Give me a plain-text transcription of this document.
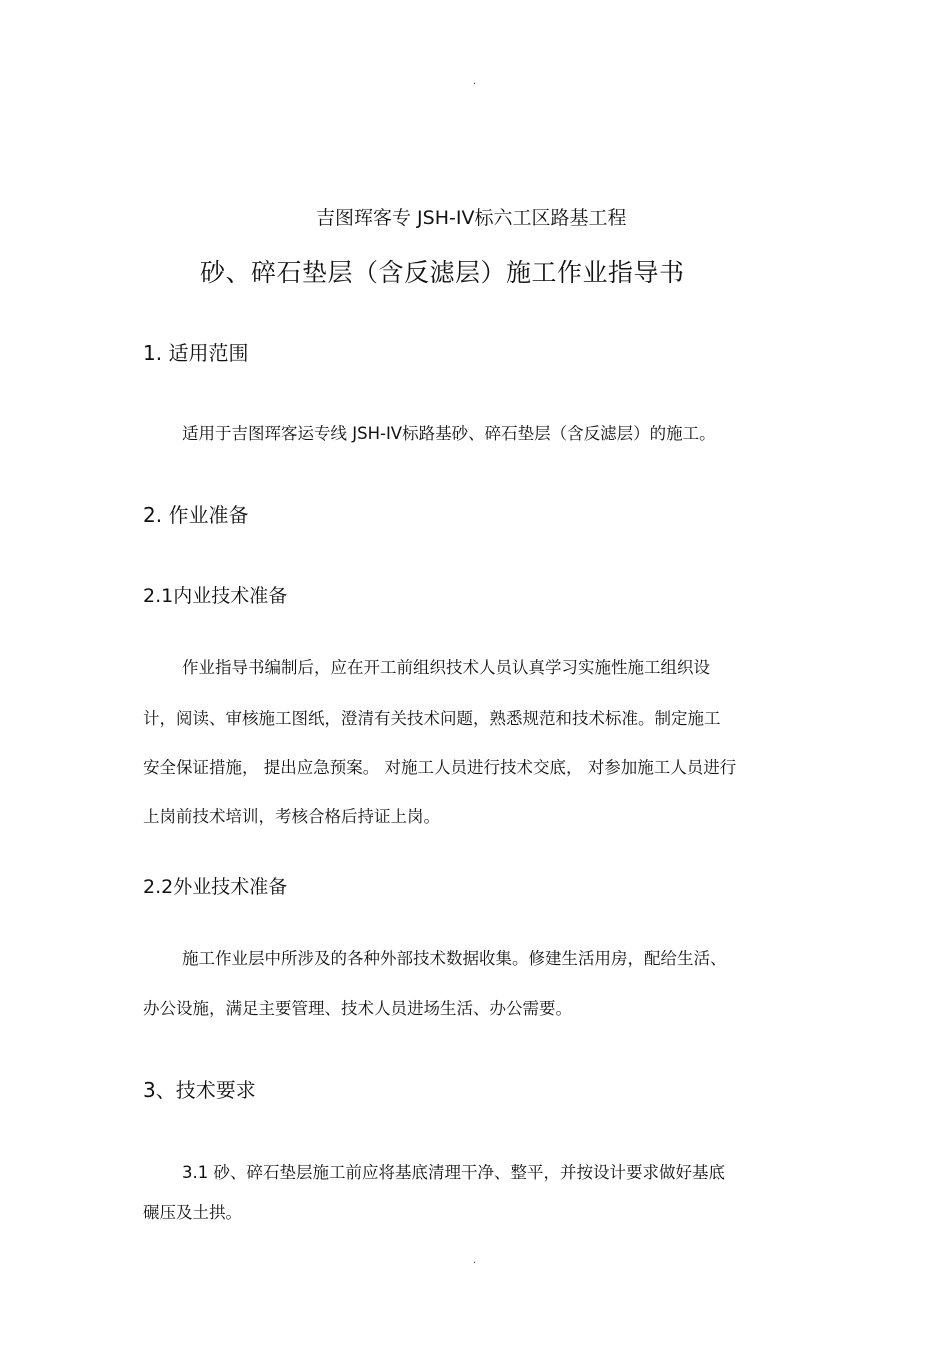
.
吉图珲客专 JSH-IV标六工区路基工程
砂、碎石垫层（含反滤层）施工作业指导书
1. 适用范围
适用于吉图珲客运专线 JSH-IV标路基砂、碎石垫层（含反滤层）的施工。
2. 作业准备
2.1内业技术准备
作业指导书编制后，应在开工前组织技术人员认真学习实施性施工组织设
计，阅读、审核施工图纸，澄清有关技术问题，熟悉规范和技术标准。制定施工
安全保证措施， 提出应急预案。 对施工人员进行技术交底， 对参加施工人员进行
上岗前技术培训，考核合格后持证上岗。
2.2外业技术准备
施工作业层中所涉及的各种外部技术数据收集。修建生活用房，配给生活、
办公设施，满足主要管理、技术人员进场生活、办公需要。
3、技术要求
3.1 砂、碎石垫层施工前应将基底清理干净、整平，并按设计要求做好基底
碾压及土拱。
.
